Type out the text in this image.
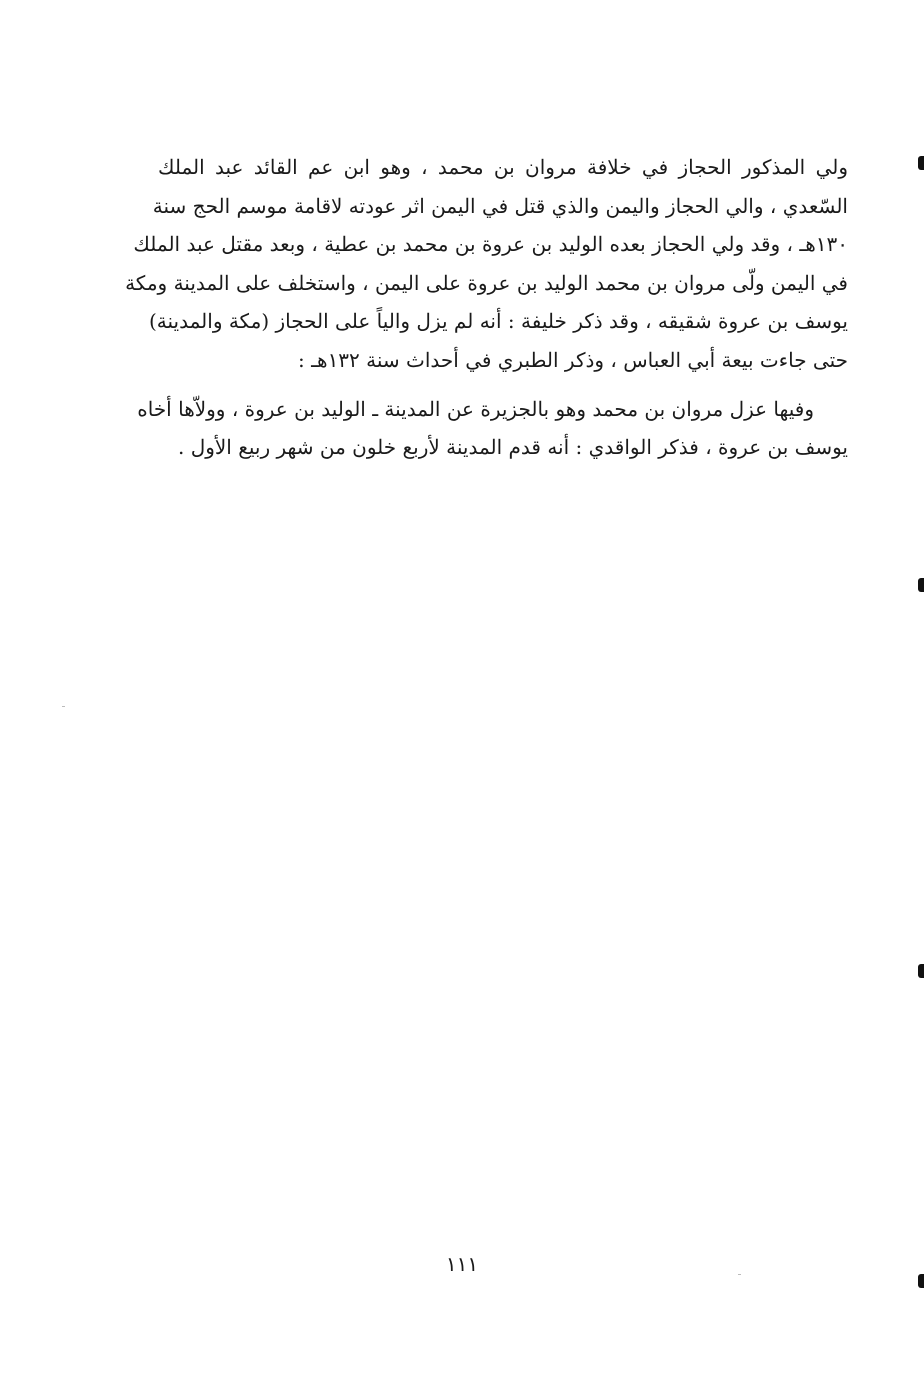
ولي المذكور الحجاز في خلافة مروان بن محمد ، وهو ابن عم القائد عبد الملك
السّعدي ، والي الحجاز واليمن والذي قتل في اليمن اثر عودته لاقامة موسم الحج سنة
١٣٠هـ ، وقد ولي الحجاز بعده الوليد بن عروة بن محمد بن عطية ، وبعد مقتل عبد الملك
في اليمن ولّى مروان بن محمد الوليد بن عروة على اليمن ، واستخلف على المدينة ومكة
يوسف بن عروة شقيقه ، وقد ذكر خليفة : أنه لم يزل والياً على الحجاز (مكة والمدينة)
حتى جاءت بيعة أبي العباس ، وذكر الطبري في أحداث سنة ١٣٢هـ :

وفيها عزل مروان بن محمد وهو بالجزيرة عن المدينة ـ الوليد بن عروة ، وولاّها أخاه
يوسف بن عروة ، فذكر الواقدي : أنه قدم المدينة لأربع خلون من شهر ربيع الأول .

١١١
